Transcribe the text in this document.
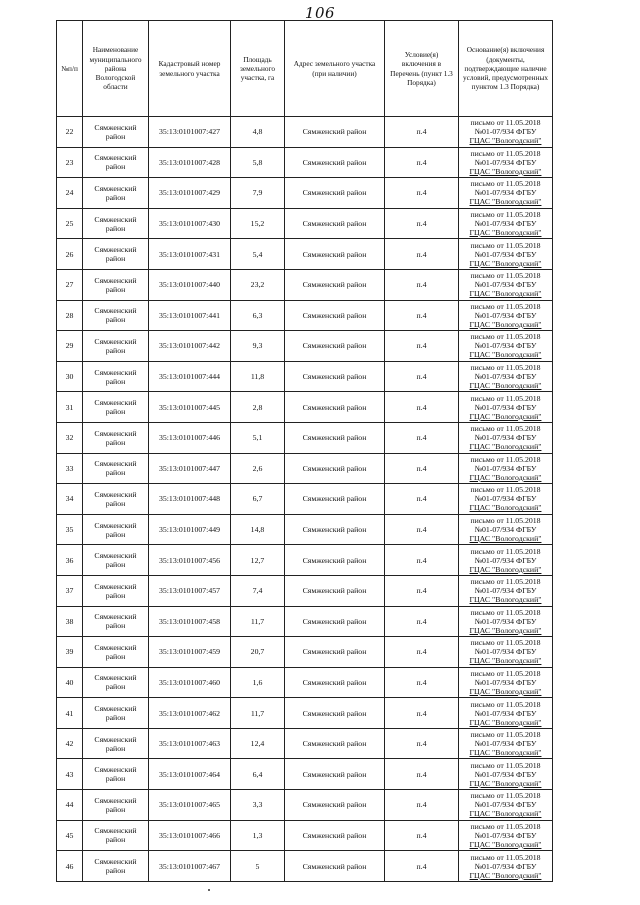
106
№п/п	Наименование муниципального района Вологодской области	Кадастровый номер земельного участка	Площадь земельного участка, га	Адрес земельного участка (при наличии)	Условие(я) включения в Перечень (пункт 1.3 Порядка)	Основание(я) включения (документы, подтверждающие наличие условий, предусмотренных пунктом 1.3 Порядка)
22	Сямженский район	35:13:0101007:427	4,8	Сямженский район	п.4	письмо от 11.05.2018
№01-07/934 ФГБУ
ГЦАС "Вологодский"

23	Сямженский район	35:13:0101007:428	5,8	Сямженский район	п.4	письмо от 11.05.2018
№01-07/934 ФГБУ
ГЦАС "Вологодский"

24	Сямженский район	35:13:0101007:429	7,9	Сямженский район	п.4	письмо от 11.05.2018
№01-07/934 ФГБУ
ГЦАС "Вологодский"

25	Сямженский район	35:13:0101007:430	15,2	Сямженский район	п.4	письмо от 11.05.2018
№01-07/934 ФГБУ
ГЦАС "Вологодский"

26	Сямженский район	35:13:0101007:431	5,4	Сямженский район	п.4	письмо от 11.05.2018
№01-07/934 ФГБУ
ГЦАС "Вологодский"

27	Сямженский район	35:13:0101007:440	23,2	Сямженский район	п.4	письмо от 11.05.2018
№01-07/934 ФГБУ
ГЦАС "Вологодский"

28	Сямженский район	35:13:0101007:441	6,3	Сямженский район	п.4	письмо от 11.05.2018
№01-07/934 ФГБУ
ГЦАС "Вологодский"

29	Сямженский район	35:13:0101007:442	9,3	Сямженский район	п.4	письмо от 11.05.2018
№01-07/934 ФГБУ
ГЦАС "Вологодский"

30	Сямженский район	35:13:0101007:444	11,8	Сямженский район	п.4	письмо от 11.05.2018
№01-07/934 ФГБУ
ГЦАС "Вологодский"

31	Сямженский район	35:13:0101007:445	2,8	Сямженский район	п.4	письмо от 11.05.2018
№01-07/934 ФГБУ
ГЦАС "Вологодский"

32	Сямженский район	35:13:0101007:446	5,1	Сямженский район	п.4	письмо от 11.05.2018
№01-07/934 ФГБУ
ГЦАС "Вологодский"

33	Сямженский район	35:13:0101007:447	2,6	Сямженский район	п.4	письмо от 11.05.2018
№01-07/934 ФГБУ
ГЦАС "Вологодский"

34	Сямженский район	35:13:0101007:448	6,7	Сямженский район	п.4	письмо от 11.05.2018
№01-07/934 ФГБУ
ГЦАС "Вологодский"

35	Сямженский район	35:13:0101007:449	14,8	Сямженский район	п.4	письмо от 11.05.2018
№01-07/934 ФГБУ
ГЦАС "Вологодский"

36	Сямженский район	35:13:0101007:456	12,7	Сямженский район	п.4	письмо от 11.05.2018
№01-07/934 ФГБУ
ГЦАС "Вологодский"

37	Сямженский район	35:13:0101007:457	7,4	Сямженский район	п.4	письмо от 11.05.2018
№01-07/934 ФГБУ
ГЦАС "Вологодский"

38	Сямженский район	35:13:0101007:458	11,7	Сямженский район	п.4	письмо от 11.05.2018
№01-07/934 ФГБУ
ГЦАС "Вологодский"

39	Сямженский район	35:13:0101007:459	20,7	Сямженский район	п.4	письмо от 11.05.2018
№01-07/934 ФГБУ
ГЦАС "Вологодский"

40	Сямженский район	35:13:0101007:460	1,6	Сямженский район	п.4	письмо от 11.05.2018
№01-07/934 ФГБУ
ГЦАС "Вологодский"

41	Сямженский район	35:13:0101007:462	11,7	Сямженский район	п.4	письмо от 11.05.2018
№01-07/934 ФГБУ
ГЦАС "Вологодский"

42	Сямженский район	35:13:0101007:463	12,4	Сямженский район	п.4	письмо от 11.05.2018
№01-07/934 ФГБУ
ГЦАС "Вологодский"

43	Сямженский район	35:13:0101007:464	6,4	Сямженский район	п.4	письмо от 11.05.2018
№01-07/934 ФГБУ
ГЦАС "Вологодский"

44	Сямженский район	35:13:0101007:465	3,3	Сямженский район	п.4	письмо от 11.05.2018
№01-07/934 ФГБУ
ГЦАС "Вологодский"

45	Сямженский район	35:13:0101007:466	1,3	Сямженский район	п.4	письмо от 11.05.2018
№01-07/934 ФГБУ
ГЦАС "Вологодский"

46	Сямженский район	35:13:0101007:467	5	Сямженский район	п.4	письмо от 11.05.2018
№01-07/934 ФГБУ
ГЦАС "Вологодский"
